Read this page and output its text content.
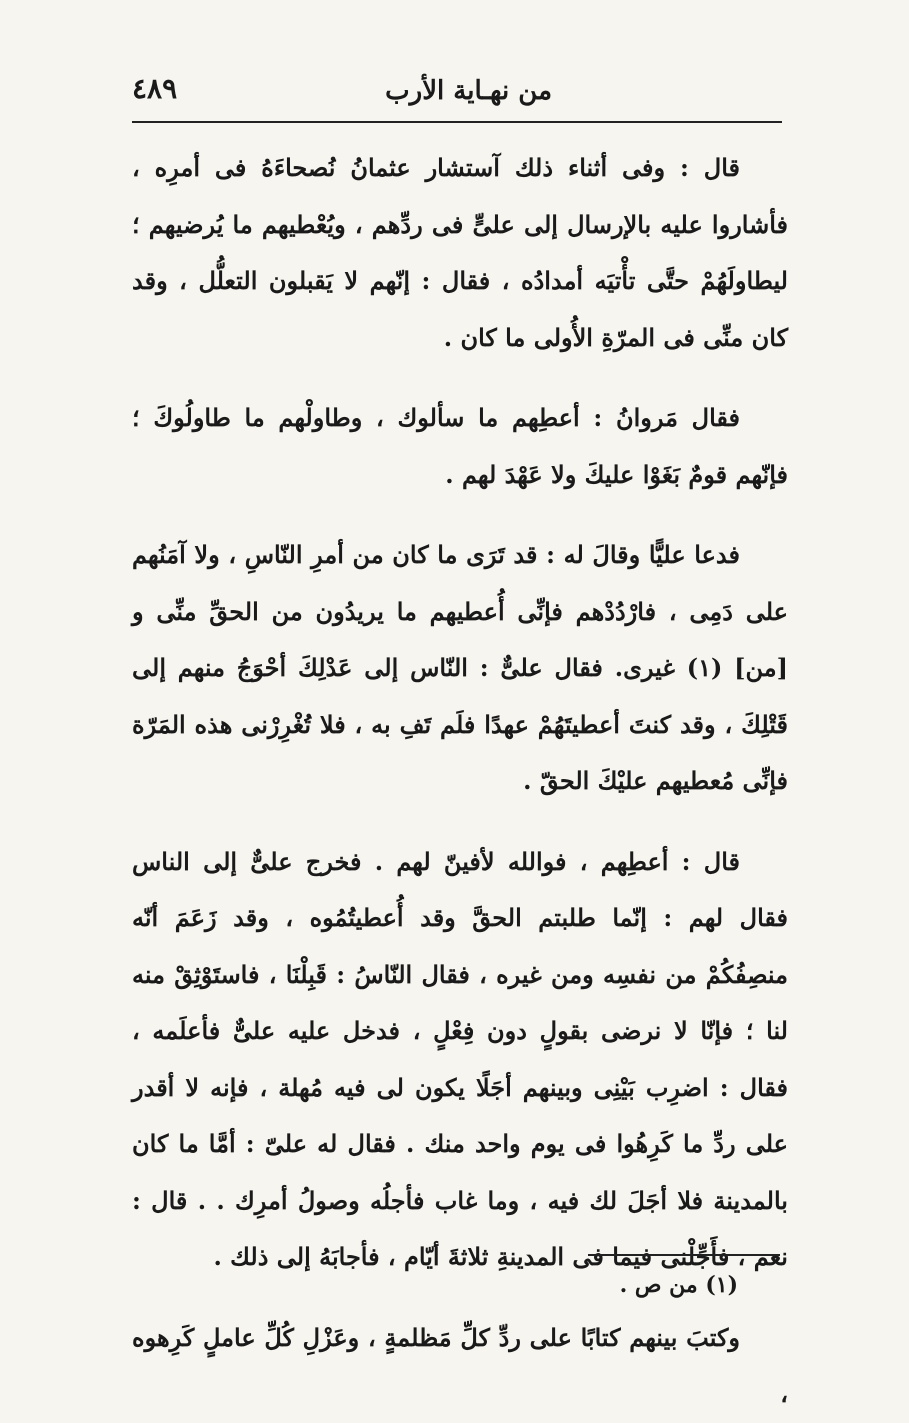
من نهـاية الأرب
٤٨٩

قال : وفى أثناء ذلك آستشار عثمانُ نُصحاءَهُ فى أمرِه ، فأشاروا عليه بالإرسال إلى علىٍّ فى ردِّهم ، ويُعْطيهم ما يُرضيهم ؛ ليطاولَهُمْ حتَّى تأْتيَه أمدادُه ، فقال : إنّهم لا يَقبلون التعلُّل ، وقد كان منِّى فى المرّةِ الأُولى ما كان .

فقال مَروانُ : أعطِهم ما سألوك ، وطاولْهم ما طاولُوكَ ؛ فإنّهم قومٌ بَغَوْا عليكَ ولا عَهْدَ لهم .

فدعا عليًّا وقالَ له : قد تَرَى ما كان من أمرِ النّاسِ ، ولا آمَنُهم على دَمِى ، فارْدُدْهم فإنِّى أُعطيهم ما يريدُون من الحقِّ منِّى و [من] (١) غيرى. فقال علىٌّ : النّاس إلى عَدْلِكَ أحْوَجُ منهم إلى قَتْلِكَ ، وقد كنتَ أعطيتَهُمْ عهدًا فلَم تَفِ به ، فلا تُغْرِرْنى هذه المَرّة فإنِّى مُعطيهم عليْكَ الحقّ .

قال : أعطِهم ، فوالله لأفينّ لهم . فخرج علىٌّ إلى الناس فقال لهم : إنّما طلبتم الحقَّ وقد أُعطيتُمُوه ، وقد زَعَمَ أنّه منصِفُكُمْ من نفسِه ومن غيره ، فقال النّاسُ : قَبِلْنَا ، فاستَوْثِقْ منه لنا ؛ فإنّا لا نرضى بقولٍ دون فِعْلٍ ، فدخل عليه علىٌّ فأعلَمه ، فقال : اضرِب بَيْنِى وبينهم أجَلًا يكون لى فيه مُهلة ، فإنه لا أقدر على ردِّ ما كَرِهُوا فى يوم واحد منك . فقال له علىّ : أمَّا ما كان بالمدينة فلا أجَلَ لك فيه ، وما غاب فأجلُه وصولُ أمرِك . . قال : نعم ، فأَجِّلْنى فيما فى المدينةِ ثلاثةَ أيّام ، فأجابَهُ إلى ذلك .

وكتبَ بينهم كتابًا على ردِّ كلِّ مَظلمةٍ ، وعَزْلِ كُلِّ عاملٍ كَرِهوه ،

(١) من ص .
